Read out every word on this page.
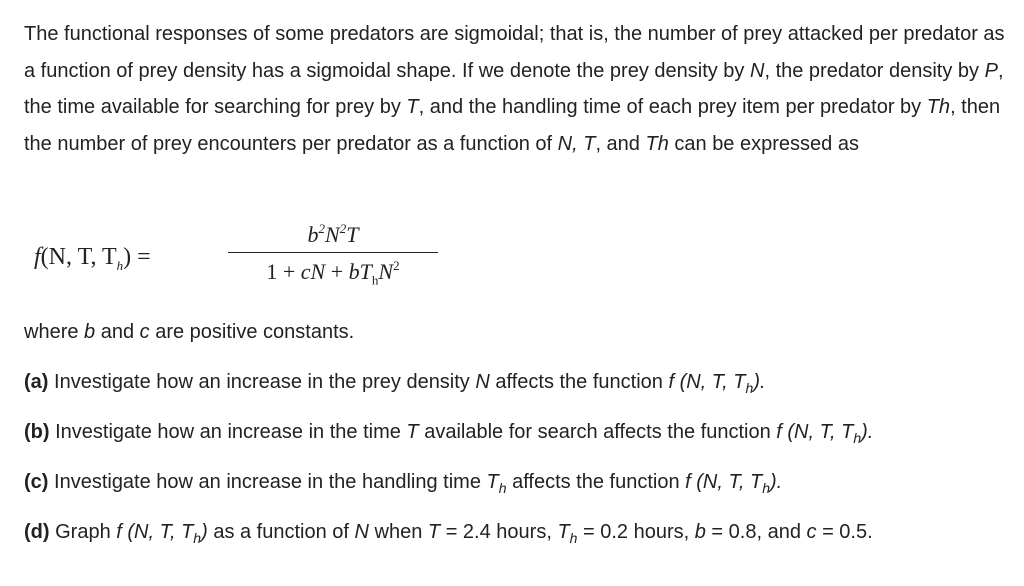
The functional responses of some predators are sigmoidal; that is, the number of prey attacked per predator as a function of prey density has a sigmoidal shape. If we denote the prey density by N, the predator density by P, the time available for searching for prey by T, and the handling time of each prey item per predator by Th, then the number of prey encounters per predator as a function of N, T, and Th can be expressed as

f(N, T, $T_h$) =
$b^2N^2T$
1 + cN + $bT_hN^2$

where b and c are positive constants.

(a) Investigate how an increase in the prey density N affects the function f (N, T, $T_h$).

(b) Investigate how an increase in the time T available for search affects the function f (N, T, $T_h$).

(c) Investigate how an increase in the handling time $T_h$ affects the function f (N, T, $T_h$).

(d) Graph f (N, T, $T_h$) as a function of N when T = 2.4 hours, $T_h = 0.2$ hours, b = 0.8, and c = 0.5.
